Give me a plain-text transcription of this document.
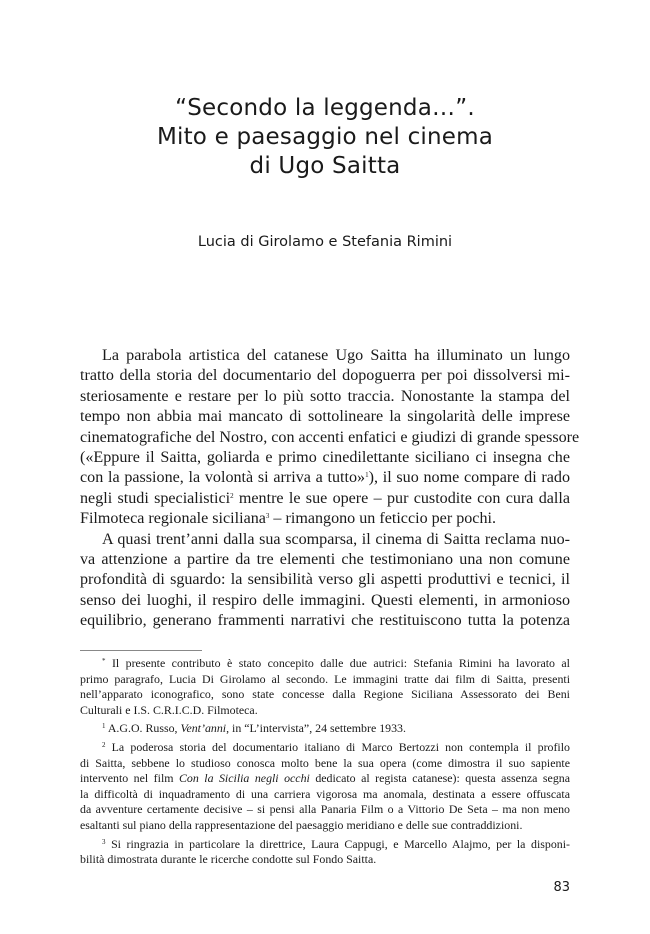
“Secondo la leggenda…”.
Mito e paesaggio nel cinema
di Ugo Saitta
Lucia di Girolamo e Stefania Rimini
La parabola artistica del catanese Ugo Saitta ha illuminato un lungo
tratto della storia del documentario del dopoguerra per poi dissolversi mi-
steriosamente e restare per lo più sotto traccia. Nonostante la stampa del
tempo non abbia mai mancato di sottolineare la singolarità delle imprese
cinematografiche del Nostro, con accenti enfatici e giudizi di grande spessore
(«Eppure il Saitta, goliarda e primo cinedilettante siciliano ci insegna che
con la passione, la volontà si arriva a tutto»$^1$), il suo nome compare di rado
negli studi specialistici$^2$ mentre le sue opere – pur custodite con cura dalla
Filmoteca regionale siciliana$^3$ – rimangono un feticcio per pochi.
A quasi trent’anni dalla sua scomparsa, il cinema di Saitta reclama nuo-
va attenzione a partire da tre elementi che testimoniano una non comune
profondità di sguardo: la sensibilità verso gli aspetti produttivi e tecnici, il
senso dei luoghi, il respiro delle immagini. Questi elementi, in armonioso
equilibrio, generano frammenti narrativi che restituiscono tutta la potenza
* Il presente contributo è stato concepito dalle due autrici: Stefania Rimini ha lavorato al
primo paragrafo, Lucia Di Girolamo al secondo. Le immagini tratte dai film di Saitta, presenti
nell’apparato iconografico, sono state concesse dalla Regione Siciliana Assessorato dei Beni
Culturali e I.S. C.R.I.C.D. Filmoteca.
$^1$ A.G.O. Russo, Vent’anni, in “L’intervista”, 24 settembre 1933.
$^2$ La poderosa storia del documentario italiano di Marco Bertozzi non contempla il profilo
di Saitta, sebbene lo studioso conosca molto bene la sua opera (come dimostra il suo sapiente
intervento nel film Con la Sicilia negli occhi dedicato al regista catanese): questa assenza segna
la difficoltà di inquadramento di una carriera vigorosa ma anomala, destinata a essere offuscata
da avventure certamente decisive – si pensi alla Panaria Film o a Vittorio De Seta – ma non meno
esaltanti sul piano della rappresentazione del paesaggio meridiano e delle sue contraddizioni.
$^3$ Si ringrazia in particolare la direttrice, Laura Cappugi, e Marcello Alajmo, per la disponi-
bilità dimostrata durante le ricerche condotte sul Fondo Saitta.
83
